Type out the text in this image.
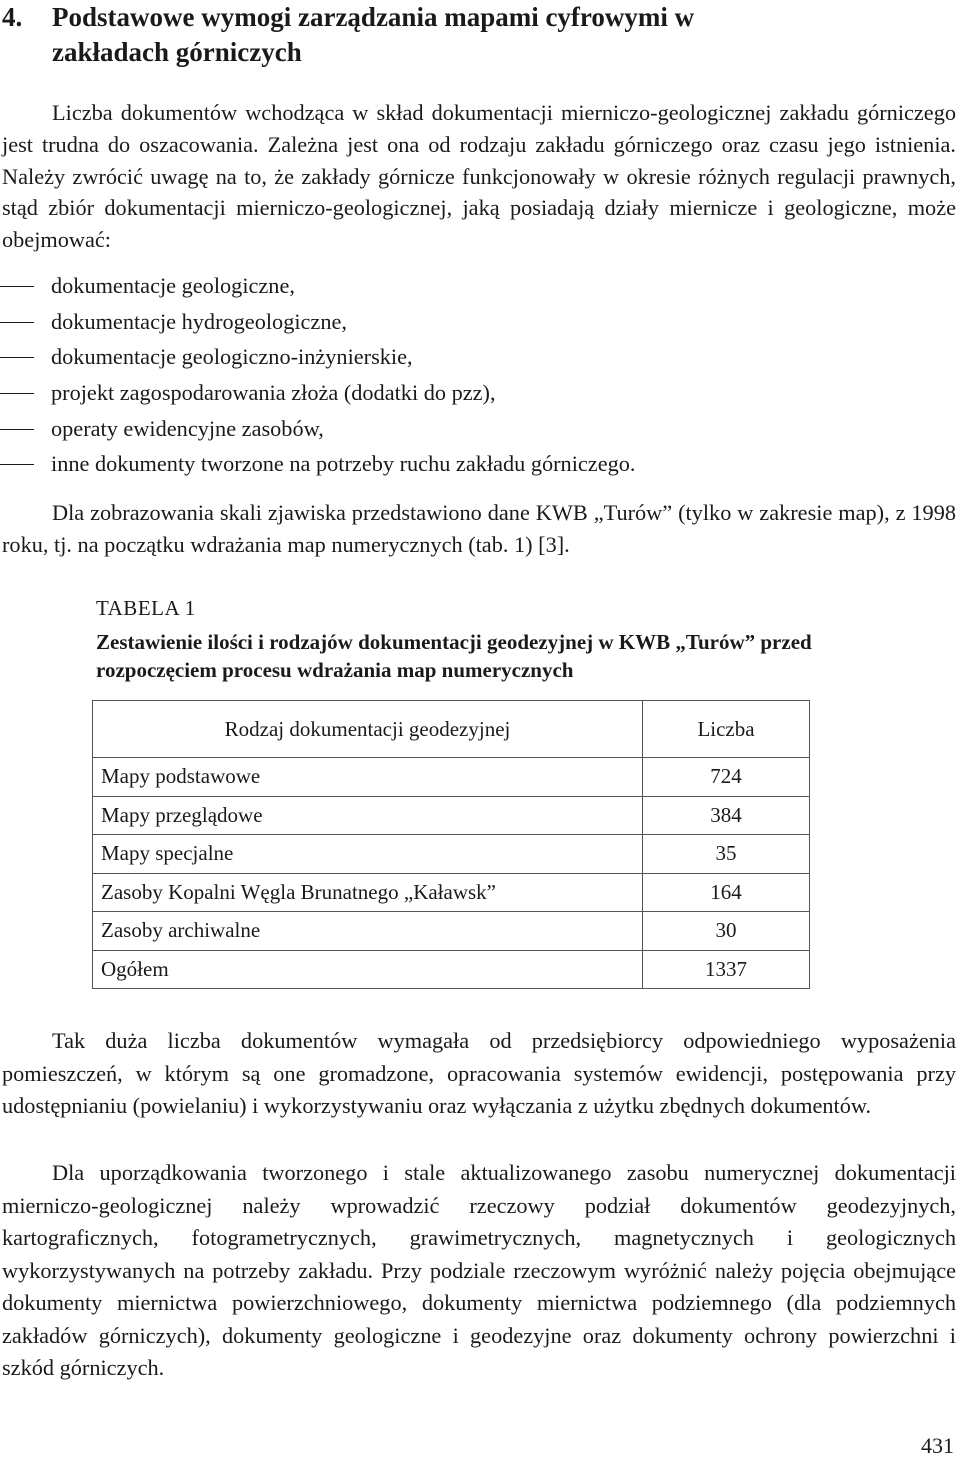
4. Podstawowe wymogi zarządzania mapami cyfrowymi w zakładach górniczych

Liczba dokumentów wchodząca w skład dokumentacji mierniczo-geologicznej zakładu górniczego jest trudna do oszacowania. Zależna jest ona od rodzaju zakładu górniczego oraz czasu jego istnienia. Należy zwrócić uwagę na to, że zakłady górnicze funkcjonowały w okresie różnych regulacji prawnych, stąd zbiór dokumentacji mierniczo-geologicznej, jaką posiadają działy miernicze i geologiczne, może obejmować:

dokumentacje geologiczne,
dokumentacje hydrogeologiczne,
dokumentacje geologiczno-inżynierskie,
projekt zagospodarowania złoża (dodatki do pzz),
operaty ewidencyjne zasobów,
inne dokumenty tworzone na potrzeby ruchu zakładu górniczego.

Dla zobrazowania skali zjawiska przedstawiono dane KWB „Turów” (tylko w zakresie map), z 1998 roku, tj. na początku wdrażania map numerycznych (tab. 1) [3].

TABELA 1
Zestawienie ilości i rodzajów dokumentacji geodezyjnej w KWB „Turów” przed rozpoczęciem procesu wdrażania map numerycznych
Rodzaj dokumentacji geodezyjnej	Liczba
Mapy podstawowe	724
Mapy przeglądowe	384
Mapy specjalne	35
Zasoby Kopalni Węgla Brunatnego „Kaławsk”	164
Zasoby archiwalne	30
Ogółem	1337

Tak duża liczba dokumentów wymagała od przedsiębiorcy odpowiedniego wyposażenia pomieszczeń, w którym są one gromadzone, opracowania systemów ewidencji, postępowania przy udostępnianiu (powielaniu) i wykorzystywaniu oraz wyłączania z użytku zbędnych dokumentów.

Dla uporządkowania tworzonego i stale aktualizowanego zasobu numerycznej dokumentacji mierniczo-geologicznej należy wprowadzić rzeczowy podział dokumentów geodezyjnych, kartograficznych, fotogrametrycznych, grawimetrycznych, magnetycznych i geologicznych wykorzystywanych na potrzeby zakładu. Przy podziale rzeczowym wyróżnić należy pojęcia obejmujące dokumenty miernictwa powierzchniowego, dokumenty miernictwa podziemnego (dla podziemnych zakładów górniczych), dokumenty geologiczne i geodezyjne oraz dokumenty ochrony powierzchni i szkód górniczych.

431
